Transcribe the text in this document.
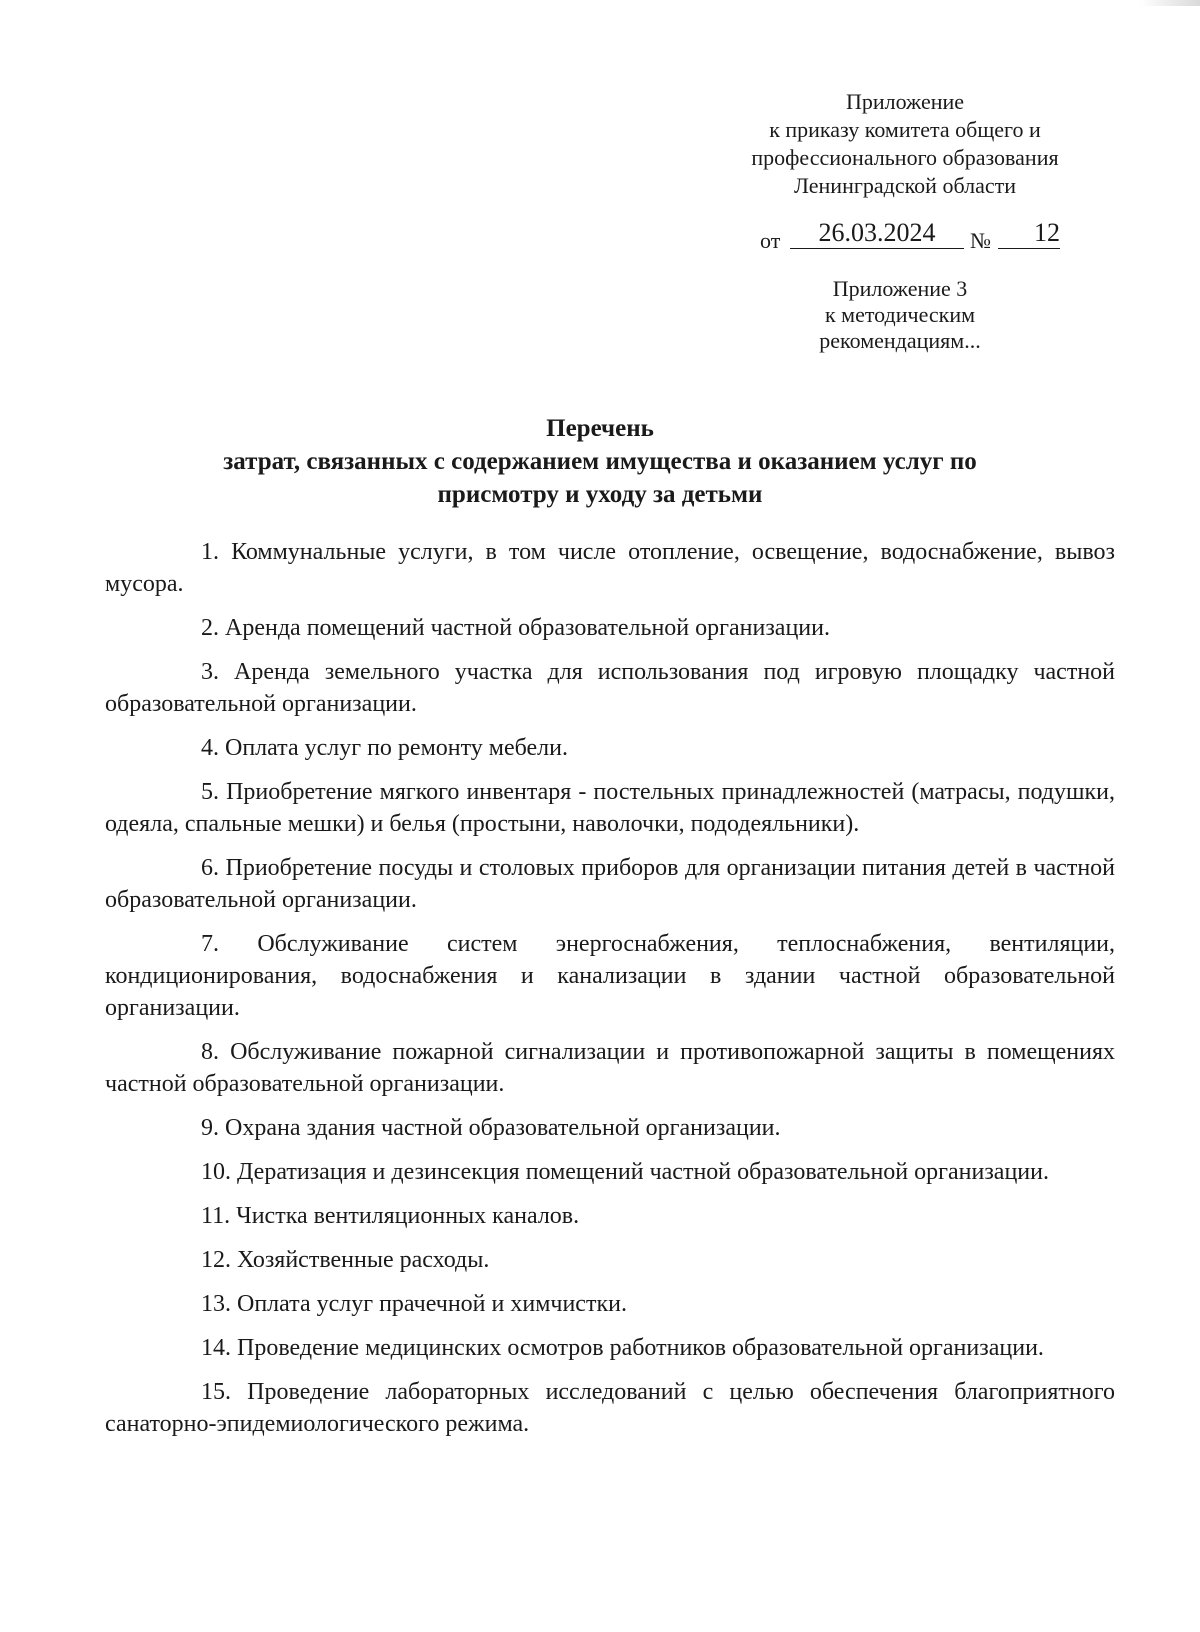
Приложение
к приказу комитета общего и
профессионального образования
Ленинградской области
от	26.03.2024	№	12
Приложение 3
к методическим
рекомендациям...
Перечень
затрат, связанных с содержанием имущества и оказанием услуг по
присмотру и уходу за детьми

1. Коммунальные услуги, в том числе отопление, освещение, водоснабжение, вывоз мусора.

2. Аренда помещений частной образовательной организации.

3. Аренда земельного участка для использования под игровую площадку частной образовательной организации.

4. Оплата услуг по ремонту мебели.

5. Приобретение мягкого инвентаря - постельных принадлежностей (матрасы, подушки, одеяла, спальные мешки) и белья (простыни, наволочки, пододеяльники).

6. Приобретение посуды и столовых приборов для организации питания детей в частной образовательной организации.

7. Обслуживание систем энергоснабжения, теплоснабжения, вентиляции, кондиционирования, водоснабжения и канализации в здании частной образовательной организации.

8. Обслуживание пожарной сигнализации и противопожарной защиты в помещениях частной образовательной организации.

9. Охрана здания частной образовательной организации.

10. Дератизация и дезинсекция помещений частной образовательной организации.

11. Чистка вентиляционных каналов.

12. Хозяйственные расходы.

13. Оплата услуг прачечной и химчистки.

14. Проведение медицинских осмотров работников образовательной организации.

15. Проведение лабораторных исследований с целью обеспечения благоприятного санаторно-эпидемиологического режима.
